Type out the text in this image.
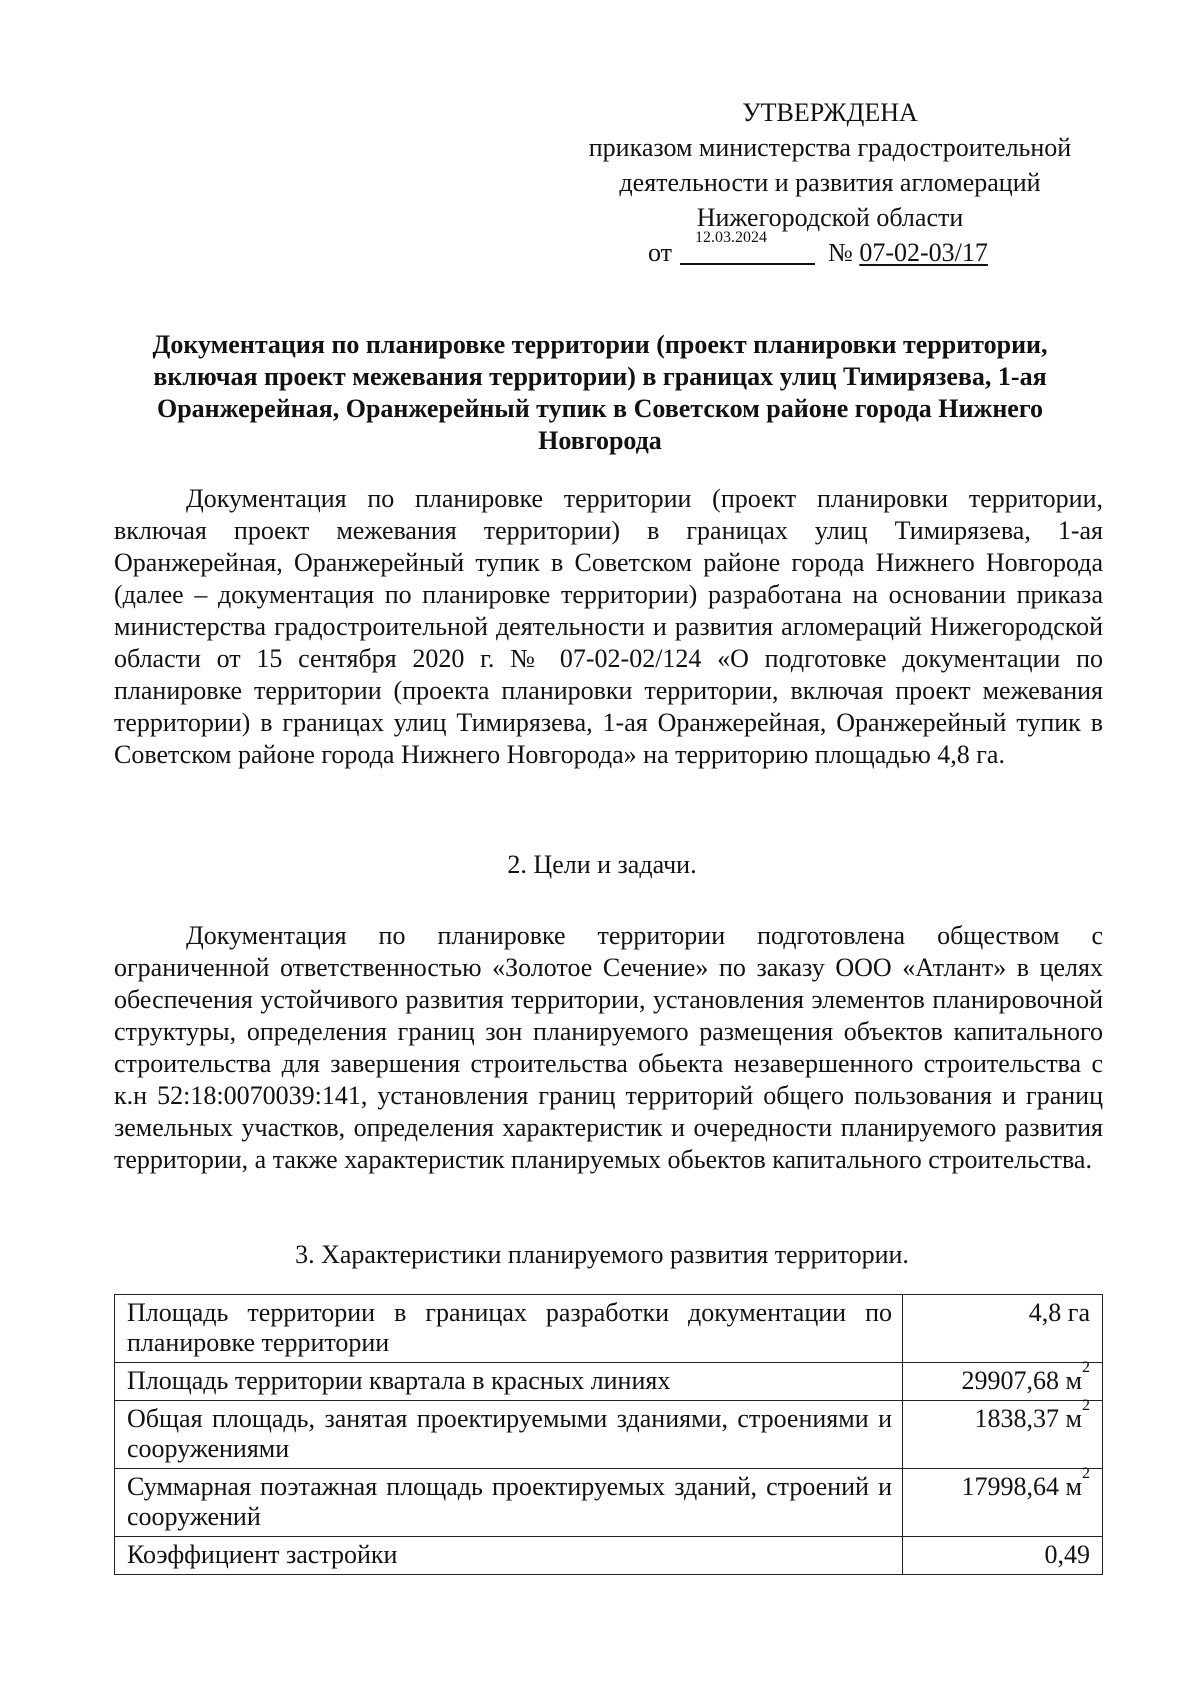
УТВЕРЖДЕНА
приказом министерства градостроительной
деятельности и развития агломераций
Нижегородской области
от
12.03.2024
№ 07-02-03/17
Документация по планировке территории (проект планировки территории, включая проект межевания территории) в границах улиц Тимирязева, 1-ая Оранжерейная, Оранжерейный тупик в Советском районе города Нижнего Новгорода
Документация по планировке территории (проект планировки территории, включая проект межевания территории) в границах улиц Тимирязева, 1-ая Оранжерейная, Оранжерейный тупик в Советском районе города Нижнего Новгорода (далее – документация по планировке территории) разработана на основании приказа министерства градостроительной деятельности и развития агломераций Нижегородской области от 15 сентября 2020 г. № 07-02-02/124 «О подготовке документации по планировке территории (проекта планировки территории, включая проект межевания территории) в границах улиц Тимирязева, 1-ая Оранжерейная, Оранжерейный тупик в Советском районе города Нижнего Новгорода» на территорию площадью 4,8 га.
2. Цели и задачи.
Документация по планировке территории подготовлена обществом с ограниченной ответственностью «Золотое Сечение» по заказу ООО «Атлант» в целях обеспечения устойчивого развития территории, установления элементов планировочной структуры, определения границ зон планируемого размещения объектов капитального строительства для завершения строительства обьекта незавершенного строительства с к.н 52:18:0070039:141, установления границ территорий общего пользования и границ земельных участков, определения характеристик и очередности планируемого развития территории, а также характеристик планируемых обьектов капитального строительства.
3. Характеристики планируемого развития территории.
Площадь территории в границах разработки документации по планировке территории	4,8 га
Площадь территории квартала в красных линиях	29907,68 $м^2$
Общая площадь, занятая проектируемыми зданиями, строениями и сооружениями	1838,37 $м^2$
Суммарная поэтажная площадь проектируемых зданий, строений и сооружений	17998,64 $м^2$
Коэффициент застройки	0,49
